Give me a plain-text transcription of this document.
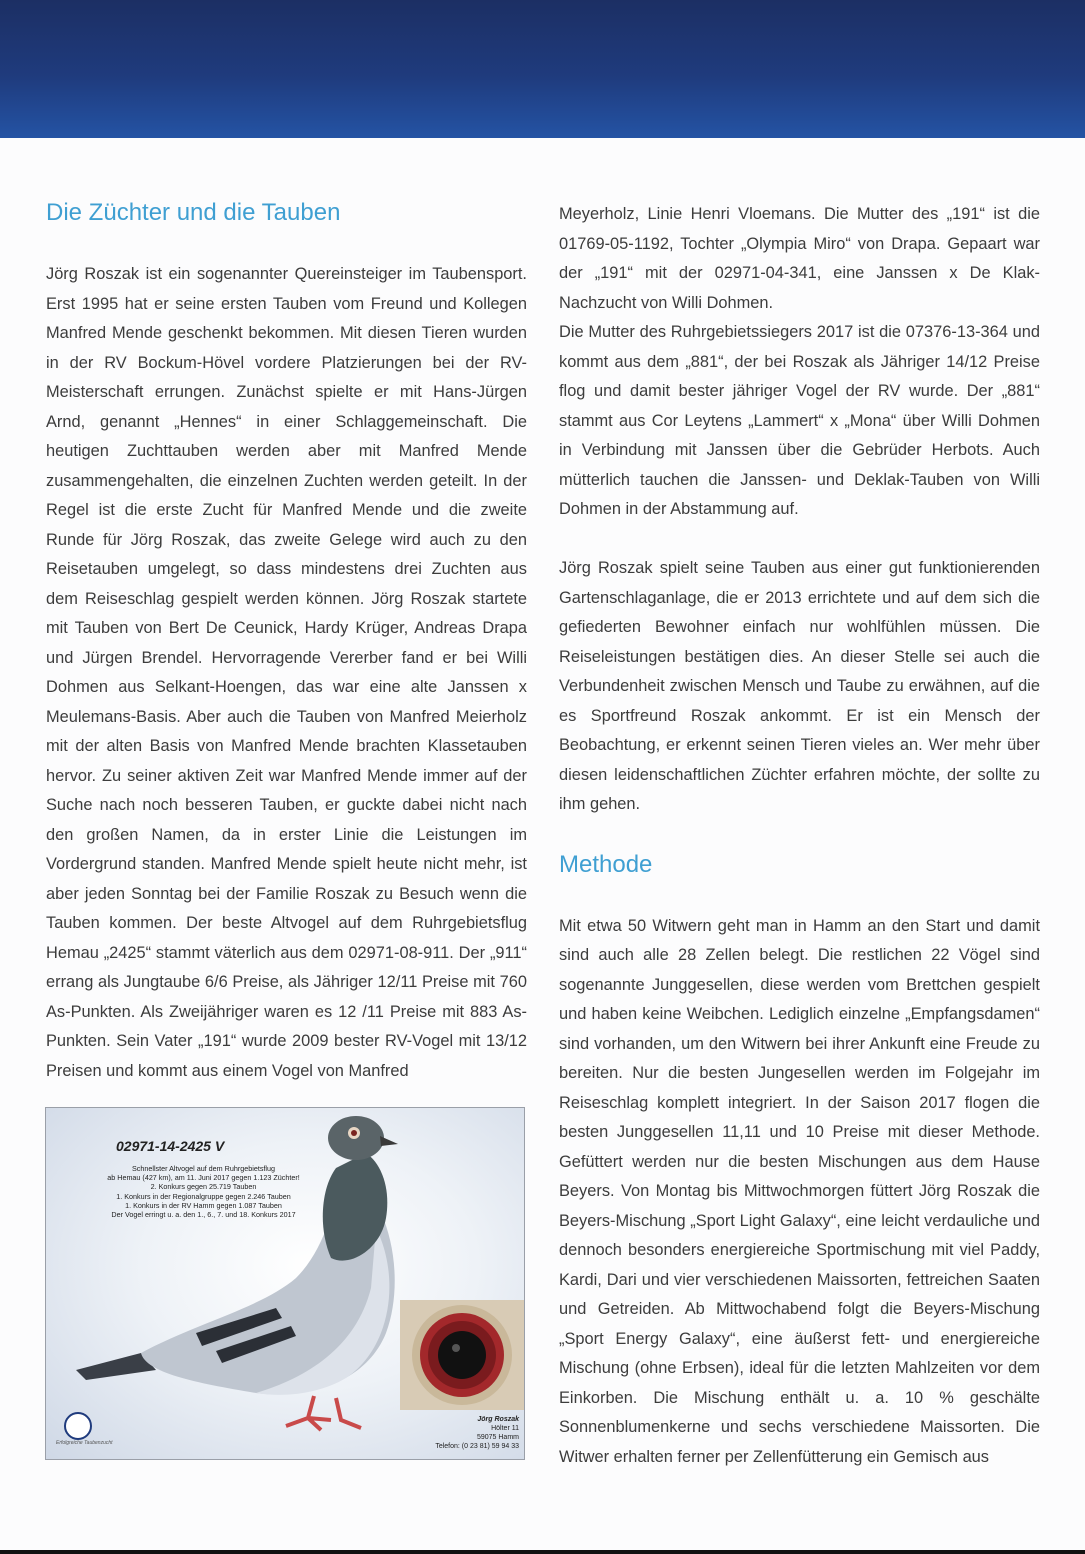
Die Züchter und die Tauben

Jörg Roszak ist ein sogenannter Quereinsteiger im Taubensport. Erst 1995 hat er seine ersten Tauben vom Freund und Kollegen Manfred Mende geschenkt bekommen. Mit diesen Tieren wurden in der RV Bockum-Hövel vordere Platzierungen bei der RV-Meisterschaft errungen. Zunächst spielte er mit Hans-Jürgen Arnd, genannt „Hennes“ in einer Schlaggemeinschaft. Die heutigen Zuchttauben werden aber mit Manfred Mende zusammengehalten, die einzelnen Zuchten werden geteilt. In der Regel ist die erste Zucht für Manfred Mende und die zweite Runde für Jörg Roszak, das zweite Gelege wird auch zu den Reisetauben umgelegt, so dass mindestens drei Zuchten aus dem Reiseschlag gespielt werden können. Jörg Roszak startete mit Tauben von Bert De Ceunick, Hardy Krüger, Andreas Drapa und Jürgen Brendel. Hervorragende Vererber fand er bei Willi Dohmen aus Selkant-Hoengen, das war eine alte Janssen x Meulemans-Basis. Aber auch die Tauben von Manfred Meierholz mit der alten Basis von Manfred Mende brachten Klassetauben hervor. Zu seiner aktiven Zeit war Manfred Mende immer auf der Suche nach noch besseren Tauben, er guckte dabei nicht nach den großen Namen, da in erster Linie die Leistungen im Vordergrund standen. Manfred Mende spielt heute nicht mehr, ist aber jeden Sonntag bei der Familie Roszak zu Besuch wenn die Tauben kommen. Der beste Altvogel auf dem Ruhrgebietsflug Hemau „2425“ stammt väterlich aus dem 02971-08-911. Der „911“ errang als Jungtaube 6/6 Preise, als Jähriger 12/11 Preise mit 760 As-Punkten. Als Zweijähriger waren es 12 /11 Preise mit 883 As-Punkten. Sein Vater „191“ wurde 2009 bester RV-Vogel mit 13/12 Preisen und kommt aus einem Vogel von Manfred

02971-14-2425 V
Schnellster Altvogel auf dem Ruhrgebietsflug
ab Hemau (427 km), am 11. Juni 2017 gegen 1.123 Züchter!
2. Konkurs gegen 25.719 Tauben
1. Konkurs in der Regionalgruppe gegen 2.246 Tauben
1. Konkurs in der RV Hamm gegen 1.087 Tauben
Der Vogel erringt u. a. den 1., 6., 7. und 18. Konkurs 2017
Erfolgreiche Taubenzucht
Jörg Roszak
Hölter 11
59075 Hamm
Telefon: (0 23 81) 59 94 33

Meyerholz, Linie Henri Vloemans. Die Mutter des „191“ ist die 01769-05-1192, Tochter „Olympia Miro“ von Drapa. Gepaart war der „191“ mit der 02971-04-341, eine Janssen x De Klak-Nachzucht von Willi Dohmen.

Die Mutter des Ruhrgebietssiegers 2017 ist die 07376-13-364 und kommt aus dem „881“, der bei Roszak als Jähriger 14/12 Preise flog und damit bester jähriger Vogel der RV wurde. Der „881“ stammt aus Cor Leytens „Lammert“ x „Mona“ über Willi Dohmen in Verbindung mit Janssen über die Gebrüder Herbots. Auch mütterlich tauchen die Janssen- und Deklak-Tauben von Willi Dohmen in der Abstammung auf.

Jörg Roszak spielt seine Tauben aus einer gut funktionierenden Gartenschlaganlage, die er 2013 errichtete und auf dem sich die gefiederten Bewohner einfach nur wohlfühlen müssen. Die Reiseleistungen bestätigen dies. An dieser Stelle sei auch die Verbundenheit zwischen Mensch und Taube zu erwähnen, auf die es Sportfreund Roszak ankommt. Er ist ein Mensch der Beobachtung, er erkennt seinen Tieren vieles an. Wer mehr über diesen leidenschaftlichen Züchter erfahren möchte, der sollte zu ihm gehen.

Methode

Mit etwa 50 Witwern geht man in Hamm an den Start und damit sind auch alle 28 Zellen belegt. Die restlichen 22 Vögel sind sogenannte Junggesellen, diese werden vom Brettchen gespielt und haben keine Weibchen. Lediglich einzelne „Empfangsdamen“ sind vorhanden, um den Witwern bei ihrer Ankunft eine Freude zu bereiten. Nur die besten Jungesellen werden im Folgejahr im Reiseschlag komplett integriert. In der Saison 2017 flogen die besten Junggesellen 11,11 und 10 Preise mit dieser Methode. Gefüttert werden nur die besten Mischungen aus dem Hause Beyers. Von Montag bis Mittwochmorgen füttert Jörg Roszak die Beyers-Mischung „Sport Light Galaxy“, eine leicht verdauliche und dennoch besonders energiereiche Sportmischung mit viel Paddy, Kardi, Dari und vier verschiedenen Maissorten, fettreichen Saaten und Getreiden. Ab Mittwochabend folgt die Beyers-Mischung „Sport Energy Galaxy“, eine äußerst fett- und energiereiche Mischung (ohne Erbsen), ideal für die letzten Mahlzeiten vor dem Einkorben. Die Mischung enthält u. a. 10 % geschälte Sonnenblumenkerne und sechs verschiedene Maissorten. Die Witwer erhalten ferner per Zellenfütterung ein Gemisch aus
